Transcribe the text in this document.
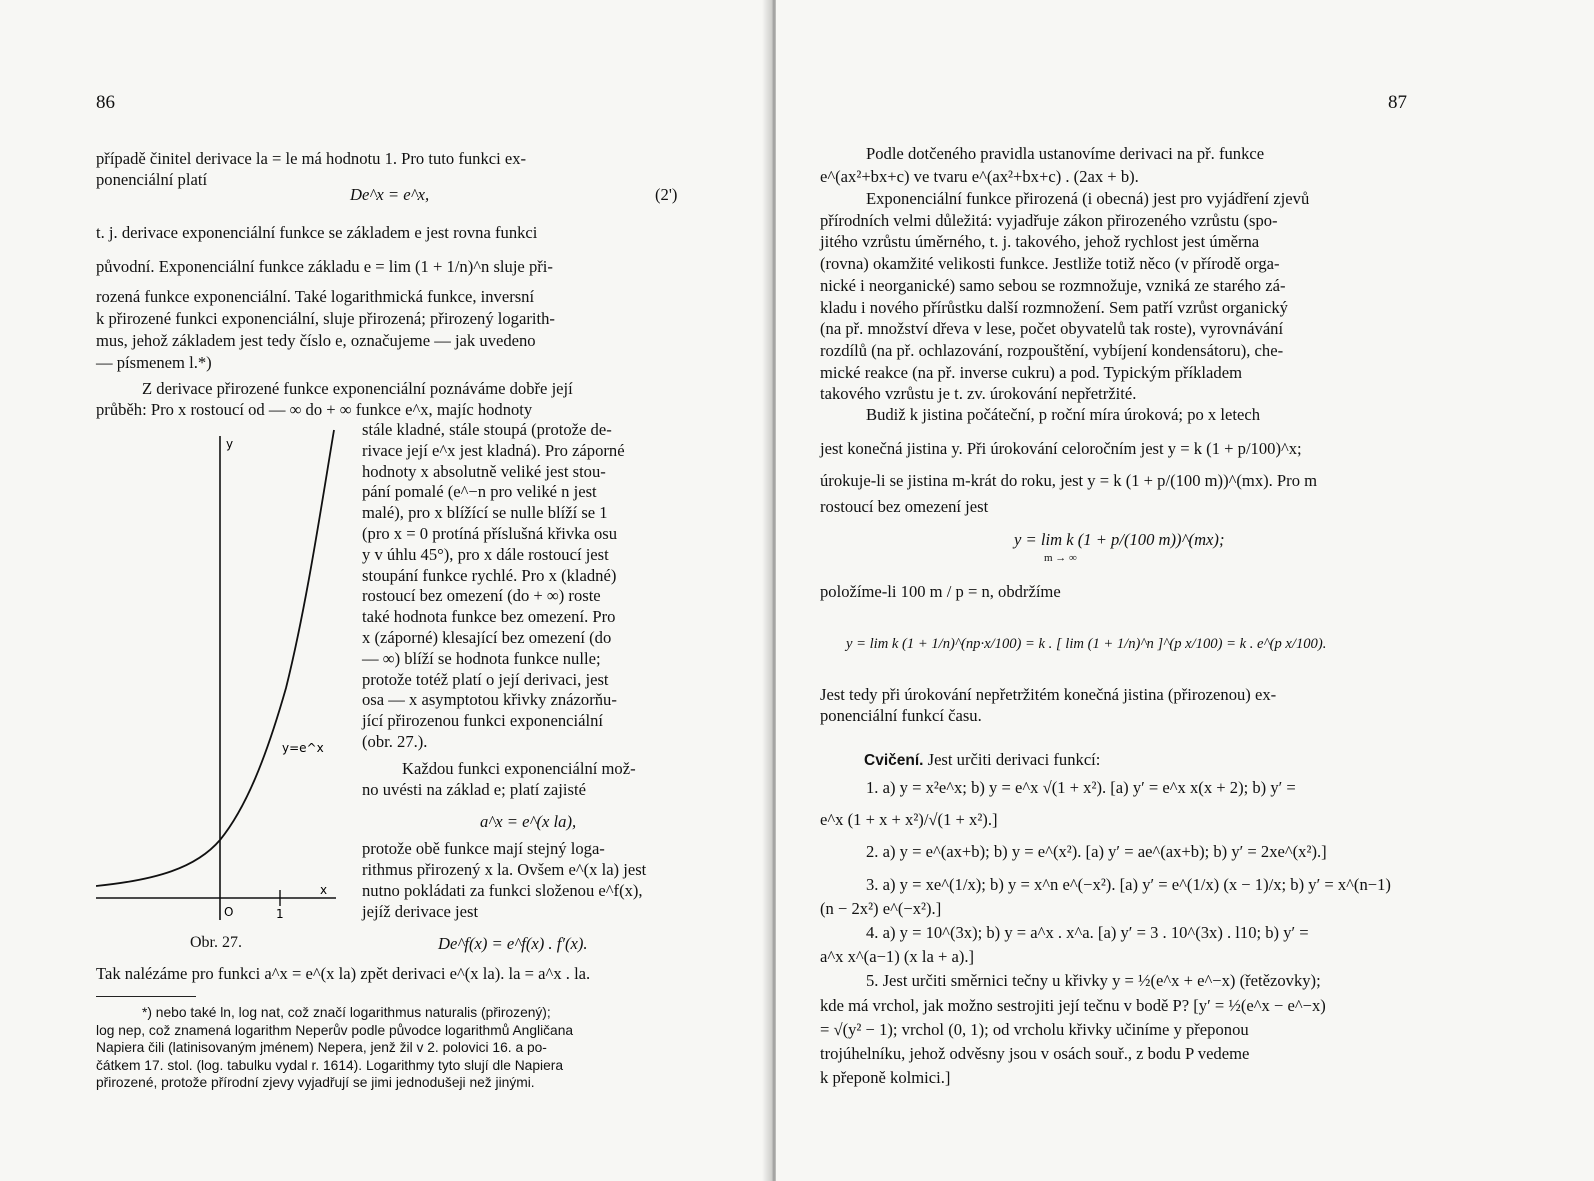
86
případě činitel derivace la = le má hodnotu 1. Pro tuto funkci ex-
ponenciální platí
De^x = e^x,	(2')
t. j. derivace exponenciální funkce se základem e jest rovna funkci
původní. Exponenciální funkce základu e = lim (1 + 1/n)^n sluje při-
rozená funkce exponenciální. Také logarithmická funkce, inversní
k přirozené funkci exponenciální, sluje přirozená; přirozený logarith-
mus, jehož základem jest tedy číslo e, označujeme — jak uvedeno
— písmenem l.*)
Z derivace přirozené funkce exponenciální poznáváme dobře její
průběh: Pro x rostoucí od — ∞ do + ∞ funkce e^x, majíc hodnoty
stále kladné, stále stoupá (protože de-
rivace její e^x jest kladná). Pro záporné
hodnoty x absolutně veliké jest stou-
pání pomalé (e^−n pro veliké n jest
malé), pro x blížící se nulle blíží se 1
(pro x = 0 protíná příslušná křivka osu
y v úhlu 45°), pro x dále rostoucí jest
stoupání funkce rychlé. Pro x (kladné)
rostoucí bez omezení (do + ∞) roste
také hodnota funkce bez omezení. Pro
x (záporné) klesající bez omezení (do
— ∞) blíží se hodnota funkce nulle;
protože totéž platí o její derivaci, jest
osa — x asymptotou křivky znázorňu-
jící přirozenou funkci exponenciální
(obr. 27.).
Každou funkci exponenciální mož-
no uvésti na základ e; platí zajisté
a^x = e^(x la),
protože obě funkce mají stejný loga-
rithmus přirozený x la. Ovšem e^(x la) jest
nutno pokládati za funkci složenou e^f(x),
jejíž derivace jest
De^f(x) = e^f(x) . f′(x).
y
x
y=e^x
O	1
Obr. 27.
Tak nalézáme pro funkci a^x = e^(x la) zpět derivaci e^(x la). la = a^x . la.
*) nebo také ln, log nat, což značí logarithmus naturalis (přirozený);
log nep, což znamená logarithm Neperův podle původce logarithmů Angličana
Napiera čili (latinisovaným jménem) Nepera, jenž žil v 2. polovici 16. a po-
čátkem 17. stol. (log. tabulku vydal r. 1614). Logarithmy tyto slují dle Napiera
přirozené, protože přírodní zjevy vyjadřují se jimi jednodušeji než jinými.
87
Podle dotčeného pravidla ustanovíme derivaci na př. funkce
e^(ax²+bx+c) ve tvaru e^(ax²+bx+c) . (2ax + b).
Exponenciální funkce přirozená (i obecná) jest pro vyjádření zjevů
přírodních velmi důležitá: vyjadřuje zákon přirozeného vzrůstu (spo-
jitého vzrůstu úměrného, t. j. takového, jehož rychlost jest úměrna
(rovna) okamžité velikosti funkce. Jestliže totiž něco (v přírodě orga-
nické i neorganické) samo sebou se rozmnožuje, vzniká ze starého zá-
kladu i nového přírůstku další rozmnožení. Sem patří vzrůst organický
(na př. množství dřeva v lese, počet obyvatelů tak roste), vyrovnávání
rozdílů (na př. ochlazování, rozpouštění, vybíjení kondensátoru), che-
mické reakce (na př. inverse cukru) a pod. Typickým příkladem
takového vzrůstu je t. zv. úrokování nepřetržité.
Budiž k jistina počáteční, p roční míra úroková; po x letech
jest konečná jistina y. Při úrokování celoročním jest y = k (1 + p/100)^x;
úrokuje-li se jistina m-krát do roku, jest y = k (1 + p/(100 m))^(mx). Pro m
rostoucí bez omezení jest
y = lim k (1 + p/(100 m))^(mx);
m → ∞
položíme-li 100 m / p = n, obdržíme
y = lim k (1 + 1/n)^(np·x/100) = k . [ lim (1 + 1/n)^n ]^(p x/100) = k . e^(p x/100).
Jest tedy při úrokování nepřetržitém konečná jistina (přirozenou) ex-
ponenciální funkcí času.
Cvičení. Jest určiti derivaci funkcí:
1. a) y = x²e^x; b) y = e^x √(1 + x²). [a) y′ = e^x x(x + 2); b) y′ =
e^x (1 + x + x²)/√(1 + x²).]
2. a) y = e^(ax+b); b) y = e^(x²). [a) y′ = ae^(ax+b); b) y′ = 2xe^(x²).]
3. a) y = xe^(1/x); b) y = x^n e^(−x²). [a) y′ = e^(1/x) (x − 1)/x; b) y′ = x^(n−1)
(n − 2x²) e^(−x²).]
4. a) y = 10^(3x); b) y = a^x . x^a. [a) y′ = 3 . 10^(3x) . l10; b) y′ =
a^x x^(a−1) (x la + a).]
5. Jest určiti směrnici tečny u křivky y = ½(e^x + e^−x) (řetězovky);
kde má vrchol, jak možno sestrojiti její tečnu v bodě P? [y′ = ½(e^x − e^−x)
= √(y² − 1); vrchol (0, 1); od vrcholu křivky učiníme y přeponou
trojúhelníku, jehož odvěsny jsou v osách souř., z bodu P vedeme
k přeponě kolmici.]
